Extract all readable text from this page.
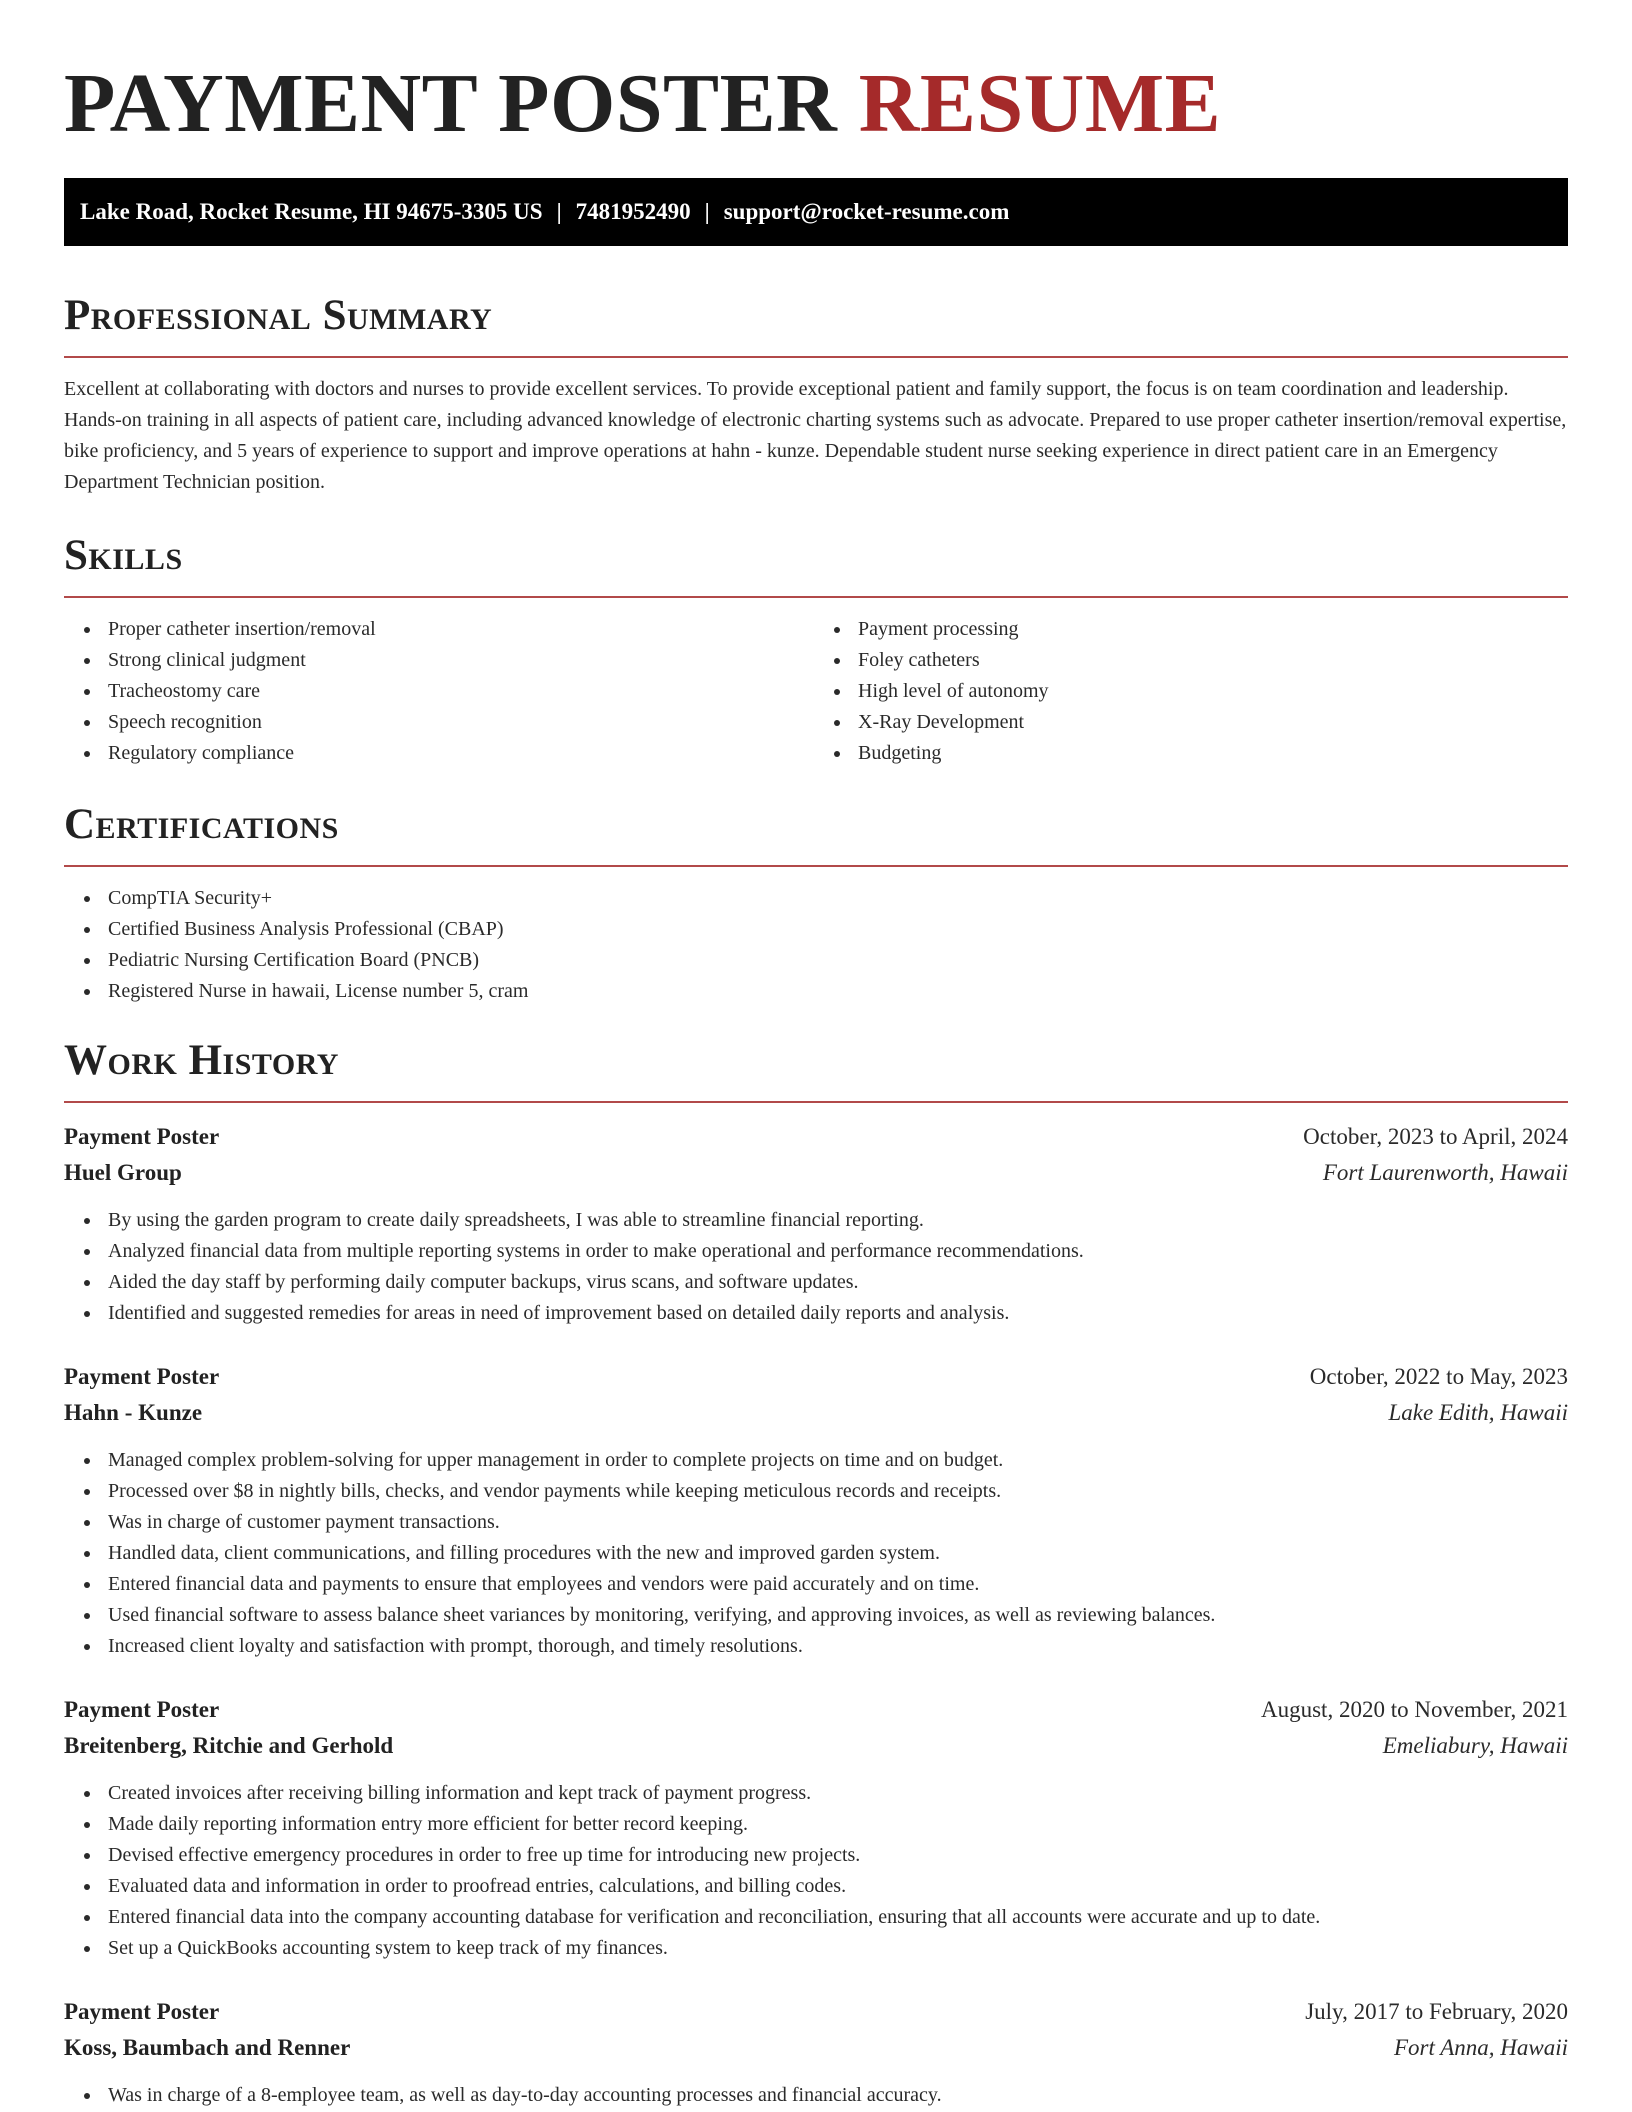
PAYMENT POSTER RESUME
Lake Road, Rocket Resume, HI 94675-3305 US | 7481952490 | support@rocket-resume.com
Professional Summary

Excellent at collaborating with doctors and nurses to provide excellent services. To provide exceptional patient and family support, the focus is on team coordination and leadership. Hands-on training in all aspects of patient care, including advanced knowledge of electronic charting systems such as advocate. Prepared to use proper catheter insertion/removal expertise, bike proficiency, and 5 years of experience to support and improve operations at hahn - kunze. Dependable student nurse seeking experience in direct patient care in an Emergency Department Technician position.

Skills
Proper catheter insertion/removal
Strong clinical judgment
Tracheostomy care
Speech recognition
Regulatory compliance
Payment processing
Foley catheters
High level of autonomy
X-Ray Development
Budgeting
Certifications
CompTIA Security+
Certified Business Analysis Professional (CBAP)
Pediatric Nursing Certification Board (PNCB)
Registered Nurse in hawaii, License number 5, cram
Work History
Payment Poster	October, 2023 to April, 2024
Huel Group	Fort Laurenworth, Hawaii
By using the garden program to create daily spreadsheets, I was able to streamline financial reporting.
Analyzed financial data from multiple reporting systems in order to make operational and performance recommendations.
Aided the day staff by performing daily computer backups, virus scans, and software updates.
Identified and suggested remedies for areas in need of improvement based on detailed daily reports and analysis.
Payment Poster	October, 2022 to May, 2023
Hahn - Kunze	Lake Edith, Hawaii
Managed complex problem-solving for upper management in order to complete projects on time and on budget.
Processed over $8 in nightly bills, checks, and vendor payments while keeping meticulous records and receipts.
Was in charge of customer payment transactions.
Handled data, client communications, and filling procedures with the new and improved garden system.
Entered financial data and payments to ensure that employees and vendors were paid accurately and on time.
Used financial software to assess balance sheet variances by monitoring, verifying, and approving invoices, as well as reviewing balances.
Increased client loyalty and satisfaction with prompt, thorough, and timely resolutions.
Payment Poster	August, 2020 to November, 2021
Breitenberg, Ritchie and Gerhold	Emeliabury, Hawaii
Created invoices after receiving billing information and kept track of payment progress.
Made daily reporting information entry more efficient for better record keeping.
Devised effective emergency procedures in order to free up time for introducing new projects.
Evaluated data and information in order to proofread entries, calculations, and billing codes.
Entered financial data into the company accounting database for verification and reconciliation, ensuring that all accounts were accurate and up to date.
Set up a QuickBooks accounting system to keep track of my finances.
Payment Poster	July, 2017 to February, 2020
Koss, Baumbach and Renner	Fort Anna, Hawaii
Was in charge of a 8-employee team, as well as day-to-day accounting processes and financial accuracy.
